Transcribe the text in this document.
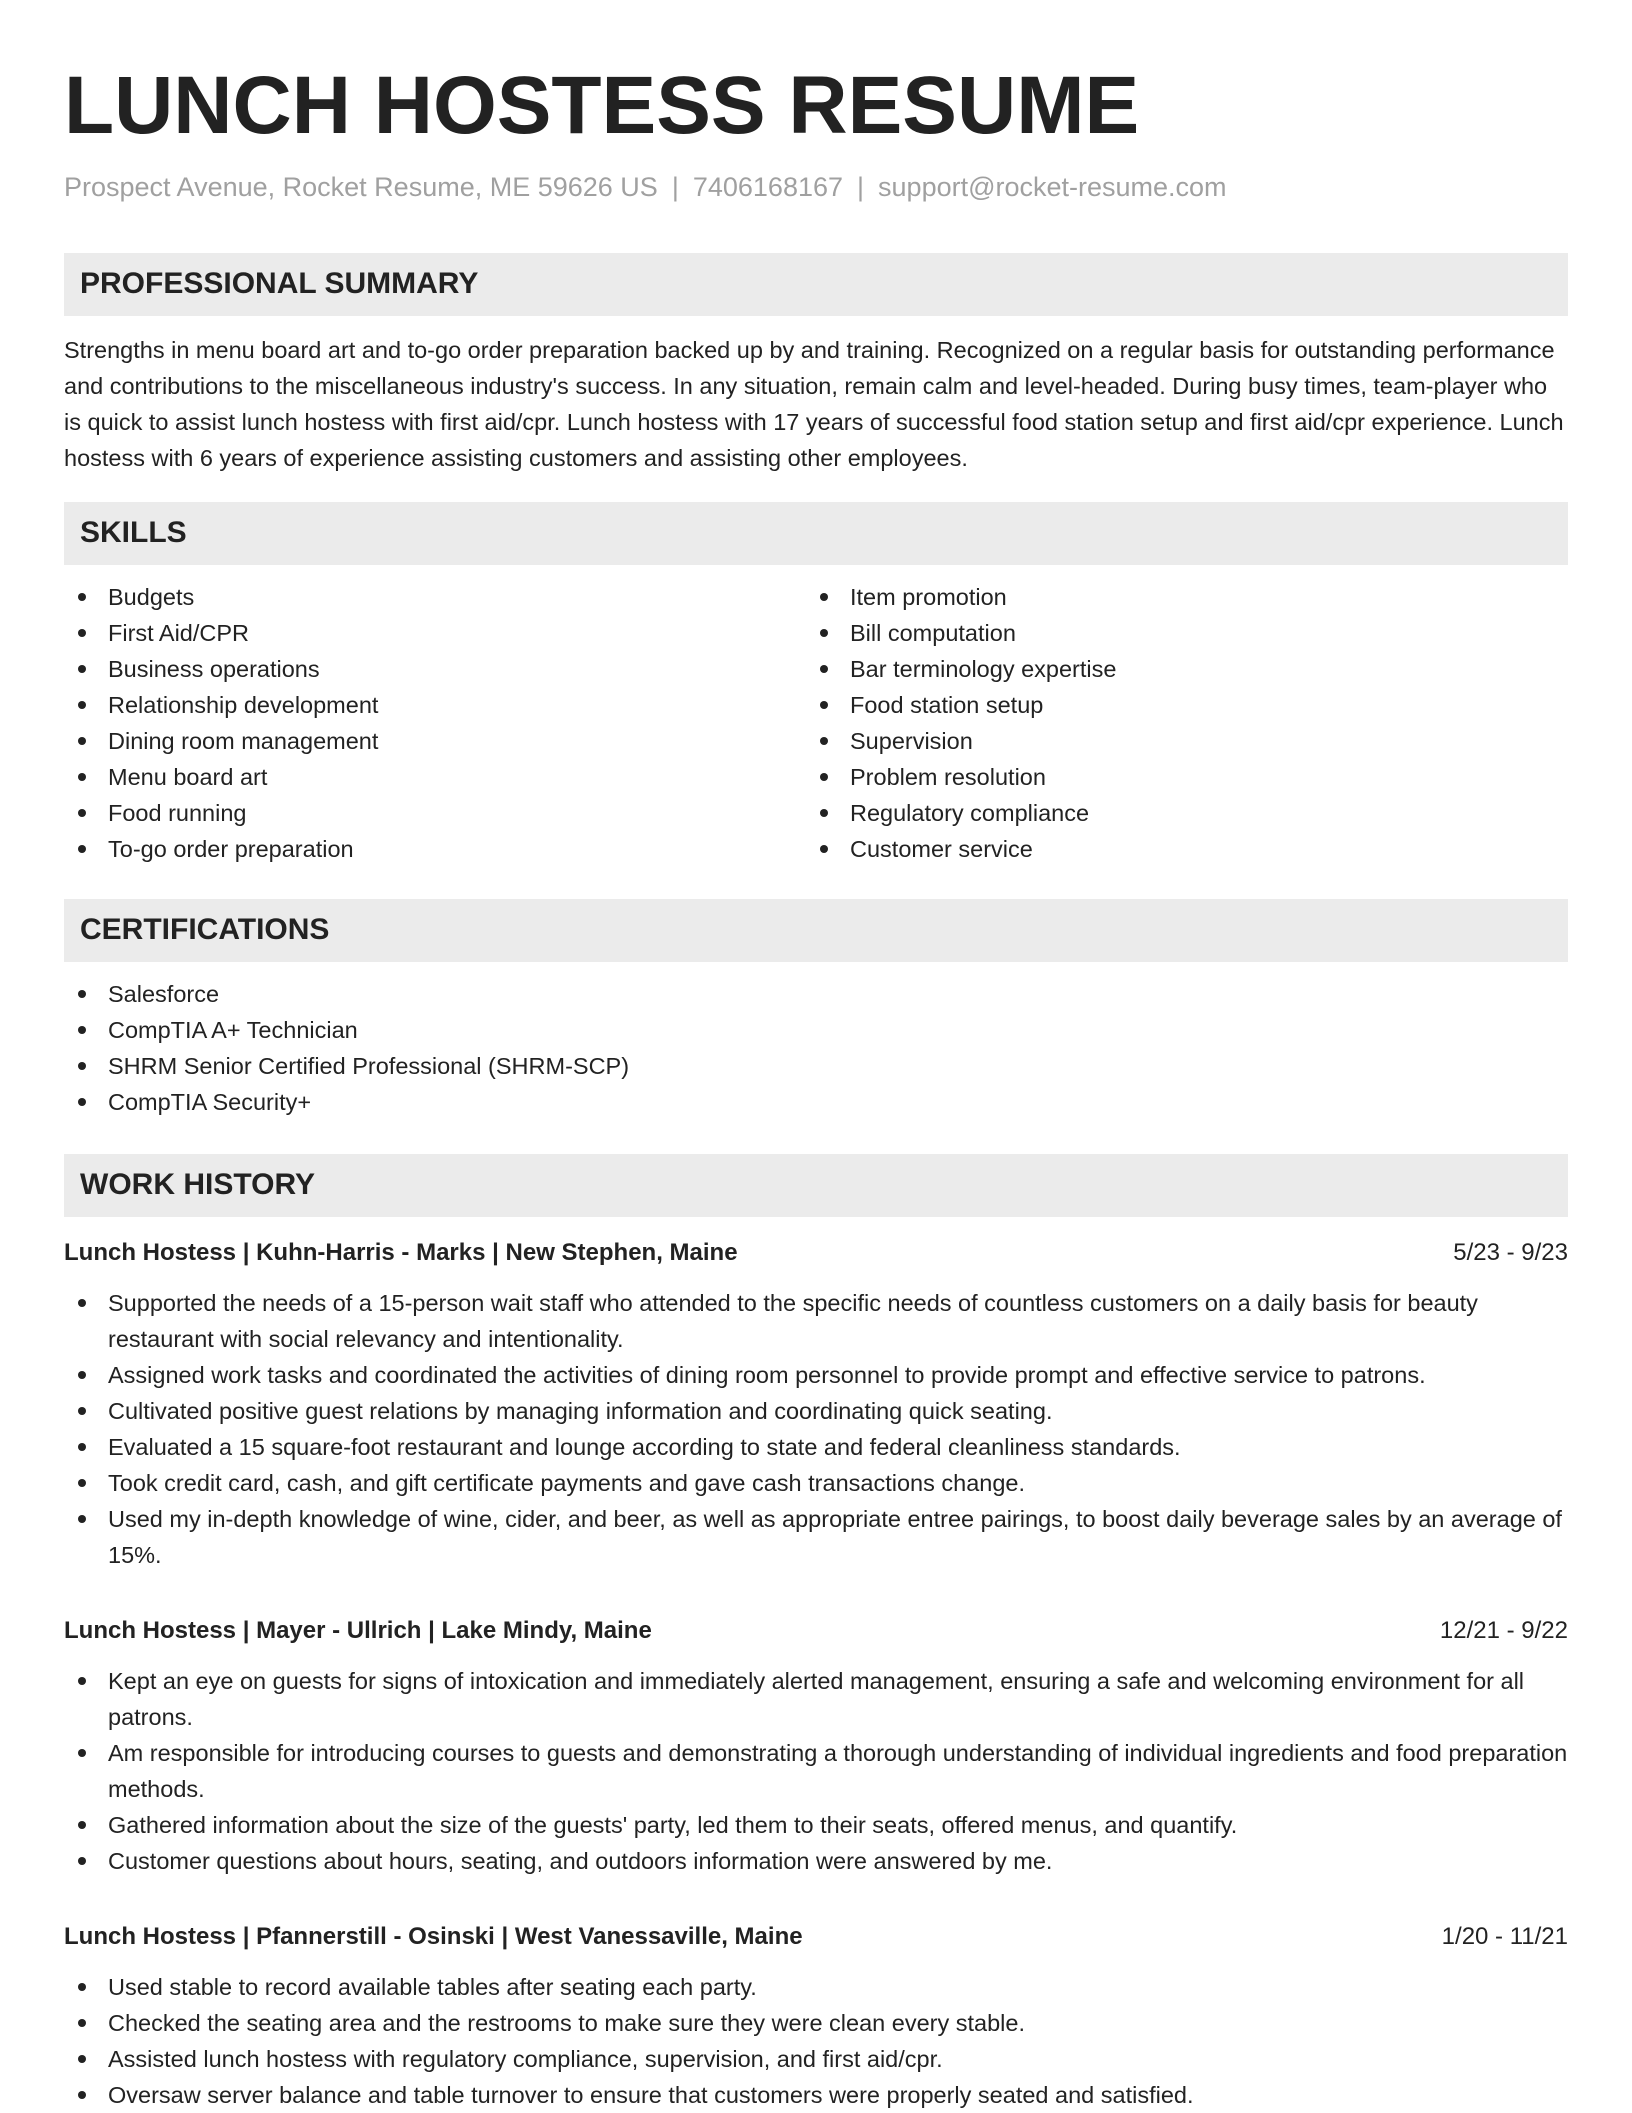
LUNCH HOSTESS RESUME
Prospect Avenue, Rocket Resume, ME 59626 US | 7406168167 | support@rocket-resume.com
PROFESSIONAL SUMMARY

Strengths in menu board art and to-go order preparation backed up by and training. Recognized on a regular basis for outstanding performance and contributions to the miscellaneous industry's success. In any situation, remain calm and level-headed. During busy times, team-player who is quick to assist lunch hostess with first aid/cpr. Lunch hostess with 17 years of successful food station setup and first aid/cpr experience. Lunch hostess with 6 years of experience assisting customers and assisting other employees.

SKILLS
Budgets
First Aid/CPR
Business operations
Relationship development
Dining room management
Menu board art
Food running
To-go order preparation
Item promotion
Bill computation
Bar terminology expertise
Food station setup
Supervision
Problem resolution
Regulatory compliance
Customer service
CERTIFICATIONS
Salesforce
CompTIA A+ Technician
SHRM Senior Certified Professional (SHRM-SCP)
CompTIA Security+
WORK HISTORY
Lunch Hostess | Kuhn-Harris - Marks | New Stephen, Maine	5/23 - 9/23
Supported the needs of a 15-person wait staff who attended to the specific needs of countless customers on a daily basis for beauty restaurant with social relevancy and intentionality.
Assigned work tasks and coordinated the activities of dining room personnel to provide prompt and effective service to patrons.
Cultivated positive guest relations by managing information and coordinating quick seating.
Evaluated a 15 square-foot restaurant and lounge according to state and federal cleanliness standards.
Took credit card, cash, and gift certificate payments and gave cash transactions change.
Used my in-depth knowledge of wine, cider, and beer, as well as appropriate entree pairings, to boost daily beverage sales by an average of 15%.
Lunch Hostess | Mayer - Ullrich | Lake Mindy, Maine	12/21 - 9/22
Kept an eye on guests for signs of intoxication and immediately alerted management, ensuring a safe and welcoming environment for all patrons.
Am responsible for introducing courses to guests and demonstrating a thorough understanding of individual ingredients and food preparation methods.
Gathered information about the size of the guests' party, led them to their seats, offered menus, and quantify.
Customer questions about hours, seating, and outdoors information were answered by me.
Lunch Hostess | Pfannerstill - Osinski | West Vanessaville, Maine	1/20 - 11/21
Used stable to record available tables after seating each party.
Checked the seating area and the restrooms to make sure they were clean every stable.
Assisted lunch hostess with regulatory compliance, supervision, and first aid/cpr.
Oversaw server balance and table turnover to ensure that customers were properly seated and satisfied.
